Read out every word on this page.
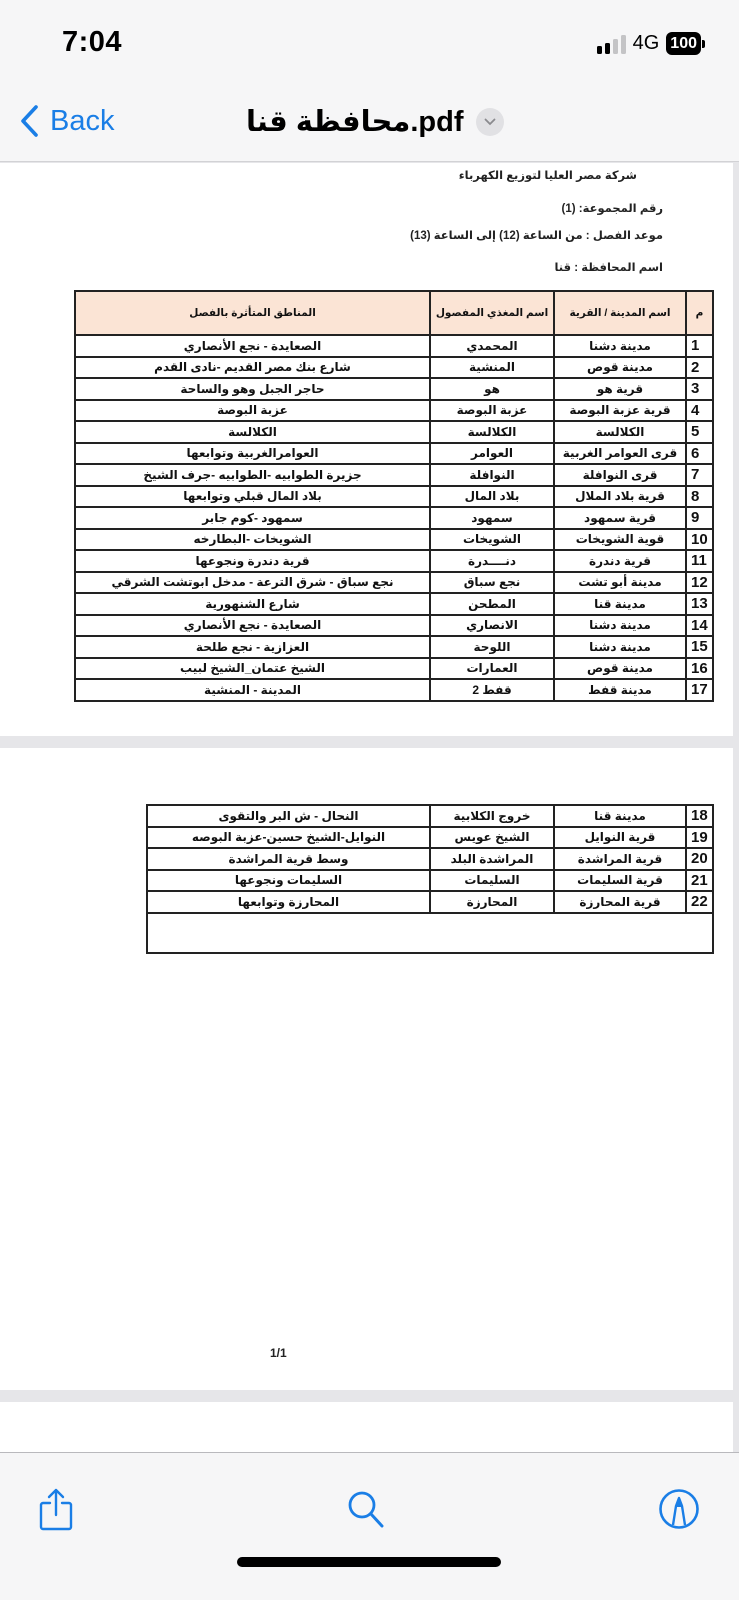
7:04	4G 100
Back	محافظة قنا.pdf
شركة مصر العليا لتوزيع الكهرباء
رقم المجموعة: (1)
موعد الفصل : من الساعة (12) إلى الساعة (13)
اسم المحافظة : قنا
م	اسم المدينة / القرية	اسم المغذي المفصول	المناطق المتأثرة بالفصل
1	مدينة دشنا	المحمدي	الصعايدة - نجع الأنصاري
2	مدينة قوص	المنشية	شارع بنك مصر القديم -نادى القدم
3	قرية هو	هو	حاجر الجبل وهو والساحة
4	قرية عزبة البوصة	عزبة البوصة	عزبة البوصة
5	الكلالسة	الكلالسة	الكلالسة
6	قرى العوامر الغربية	العوامر	العوامرالغربية وتوابعها
7	قرى النوافلة	النوافلة	جزيرة الطوابيه -الطوابيه -جرف الشيخ
8	قرية بلاد الملال	بلاد المال	بلاد المال قبلي وتوابعها
9	قرية سمهود	سمهود	سمهود -كوم جابر
10	قوية الشويخات	الشويخات	الشويخات -البطارخه
11	قرية دندرة	دنــــدرة	قرية دندرة ونجوعها
12	مدينة أبو تشت	نجع سباق	نجع سباق - شرق الترعة - مدخل ابوتشت الشرقي
13	مدينة قنا	المطحن	شارع الشنهورية
14	مدينة دشنا	الانصاري	الصعايدة - نجع الأنصاري
15	مدينة دشنا	اللوحة	العزازية - نجع طلحة
16	مدينة قوص	العمارات	الشيخ عتمان_الشيخ لبيب
17	مدينة قفط	قفط 2	المدينة - المنشية
18	مدينة قنا	خروج الكلابية	النحال - ش البر والتقوى
19	قرية النوايل	الشيخ عويس	النوايل-الشيخ حسين-عزبة البوصه
20	قرية المراشدة	المراشدة البلد	وسط قرية المراشدة
21	قرية السليمات	السليمات	السليمات ونجوعها
22	قرية المحارزة	المحارزة	المحارزة وتوابعها

1/1
